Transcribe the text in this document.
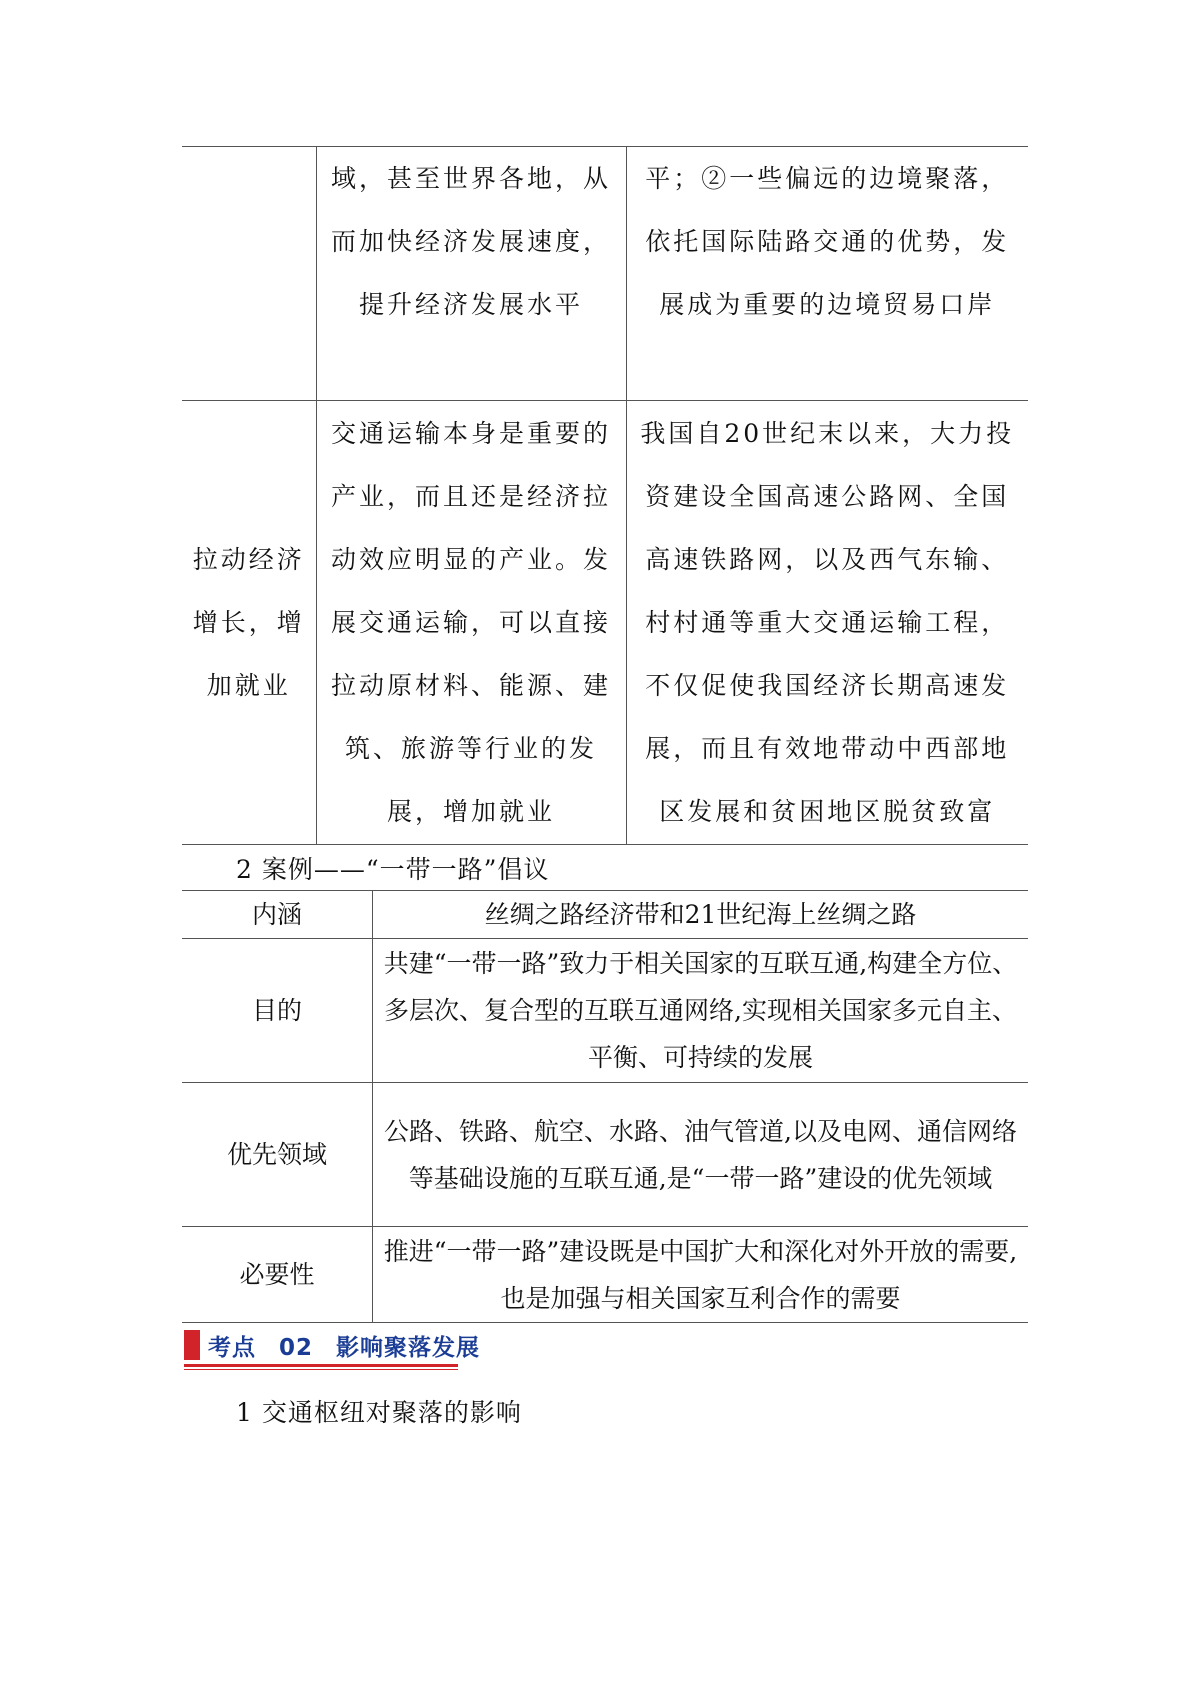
	域，甚至世界各地，从而加快经济发展速度，提升经济发展水平	平；②一些偏远的边境聚落，依托国际陆路交通的优势，发展成为重要的边境贸易口岸
拉动经济增长，增加就业	交通运输本身是重要的产业，而且还是经济拉动效应明显的产业。发展交通运输，可以直接拉动原材料、能源、建筑、旅游等行业的发展，增加就业	我国自20世纪末以来，大力投资建设全国高速公路网、全国高速铁路网，以及西气东输、村村通等重大交通运输工程，不仅促使我国经济长期高速发展，而且有效地带动中西部地区发展和贫困地区脱贫致富
2 案例——“一带一路”倡议
内涵	丝绸之路经济带和21世纪海上丝绸之路
目的	共建“一带一路”致力于相关国家的互联互通,构建全方位、多层次、复合型的互联互通网络,实现相关国家多元自主、平衡、可持续的发展
优先领域	公路、铁路、航空、水路、油气管道,以及电网、通信网络等基础设施的互联互通,是“一带一路”建设的优先领域
必要性	推进“一带一路”建设既是中国扩大和深化对外开放的需要,也是加强与相关国家互利合作的需要
考点 02 影响聚落发展
1 交通枢纽对聚落的影响
